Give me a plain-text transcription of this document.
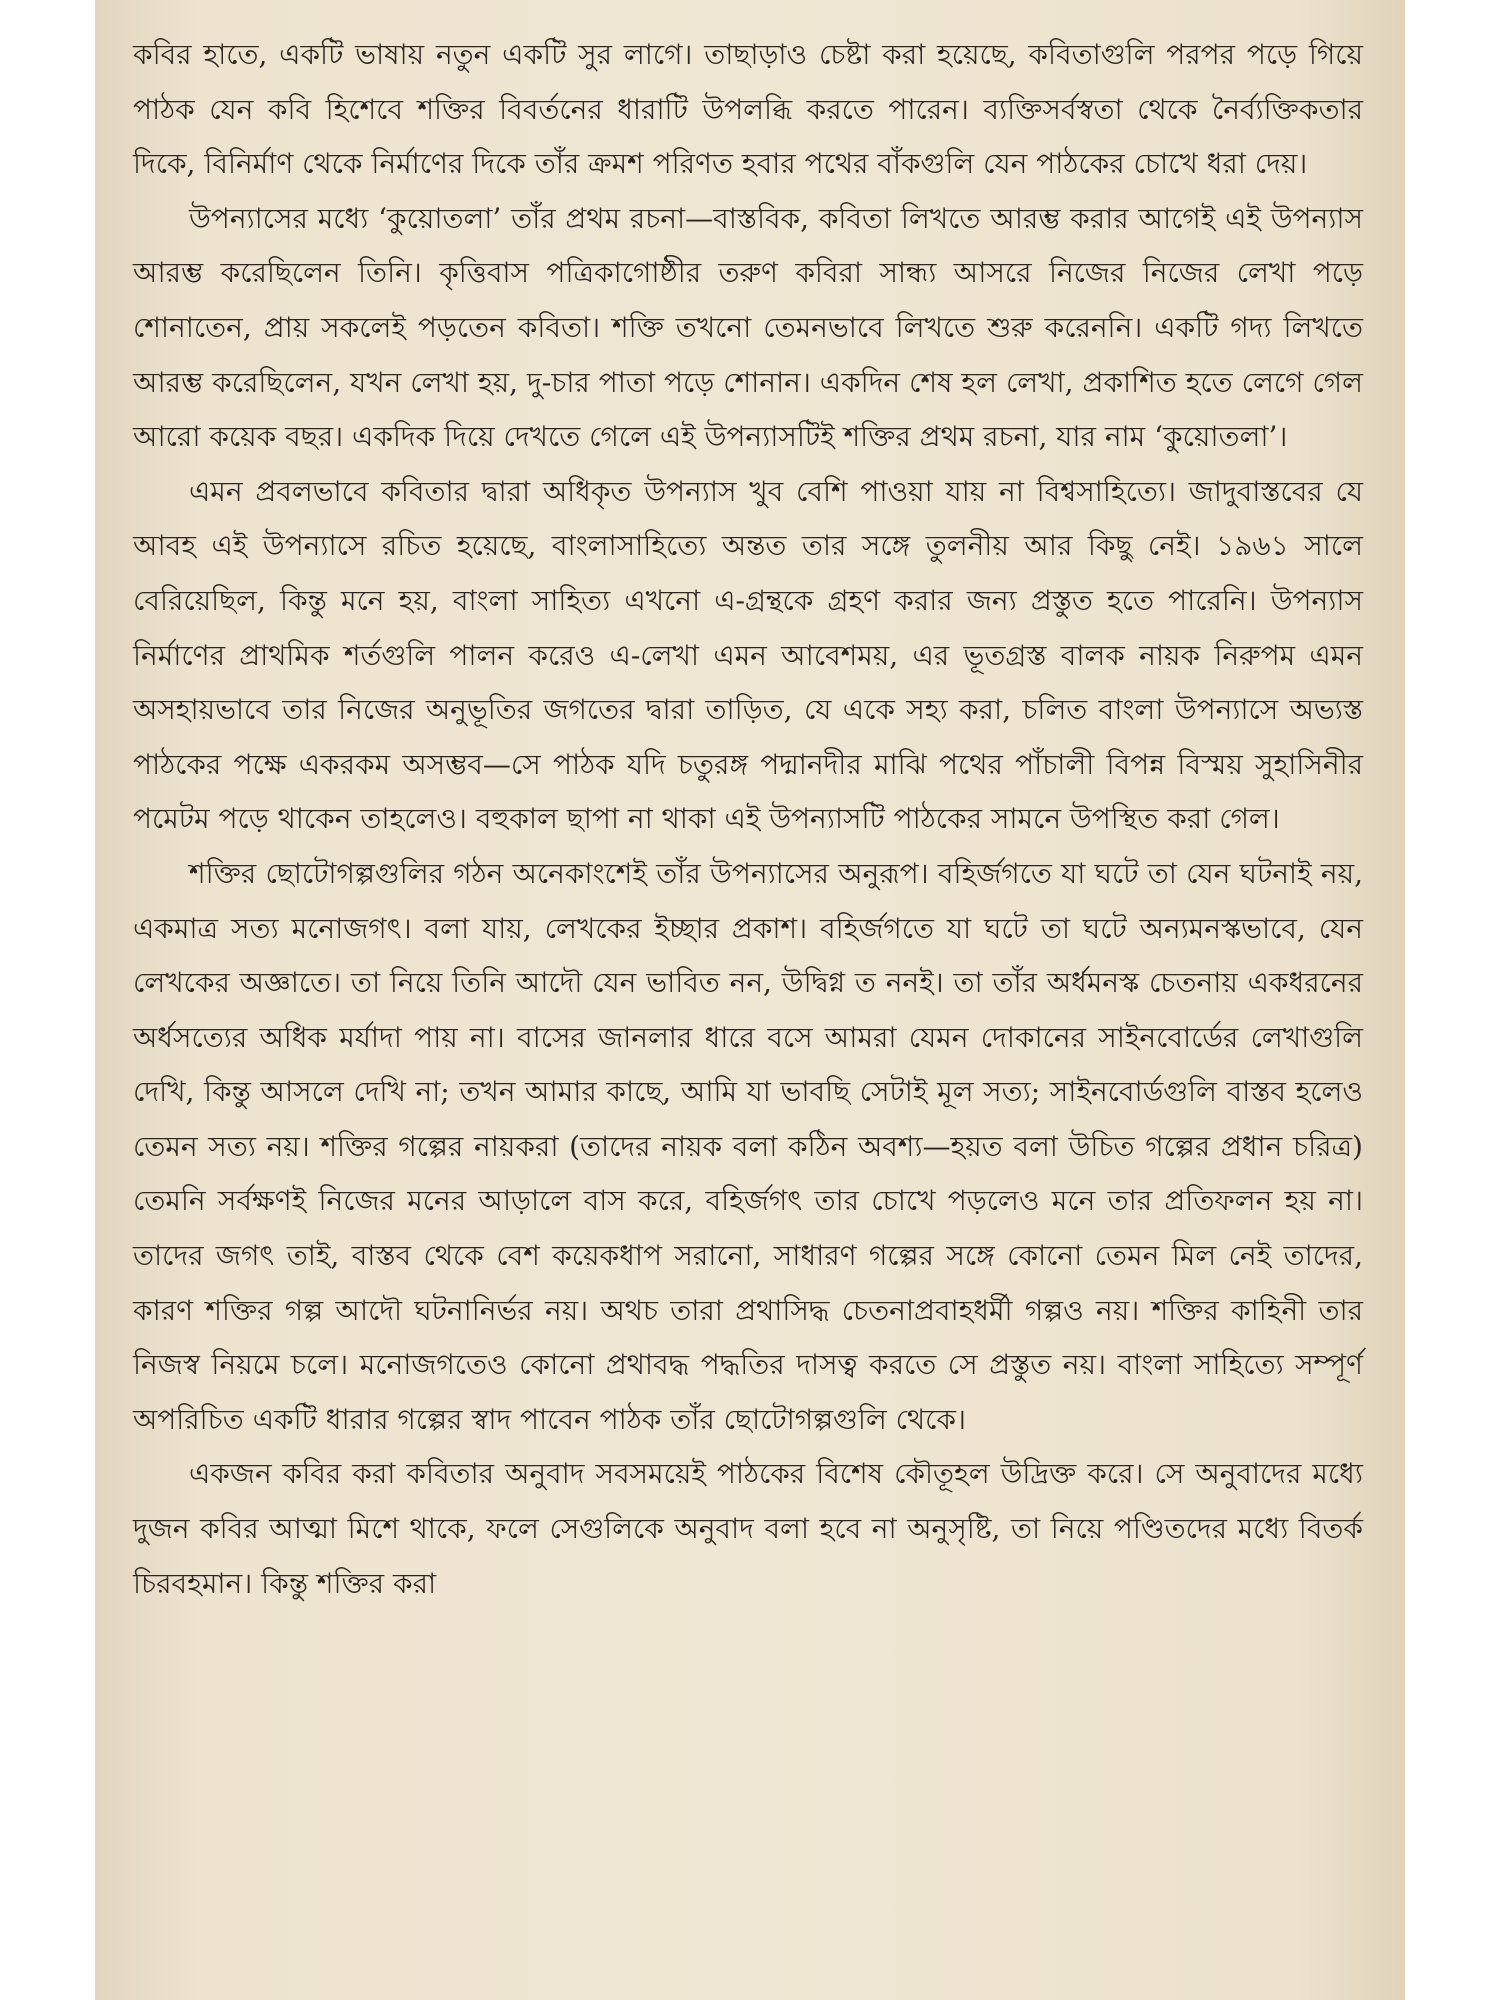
কবির হাতে, একটি ভাষায় নতুন একটি সুর লাগে। তাছাড়াও চেষ্টা করা হয়েছে, কবিতাগুলি পরপর পড়ে গিয়ে পাঠক যেন কবি হিশেবে শক্তির বিবর্তনের ধারাটি উপলব্ধি করতে পারেন। ব্যক্তিসর্বস্বতা থেকে নৈর্ব্যক্তিকতার দিকে, বিনির্মাণ থেকে নির্মাণের দিকে তাঁর ক্রমশ পরিণত হবার পথের বাঁকগুলি যেন পাঠকের চোখে ধরা দেয়।

উপন্যাসের মধ্যে ‘কুয়োতলা’ তাঁর প্রথম রচনা—বাস্তবিক, কবিতা লিখতে আরম্ভ করার আগেই এই উপন্যাস আরম্ভ করেছিলেন তিনি। কৃত্তিবাস পত্রিকাগোষ্ঠীর তরুণ কবিরা সান্ধ্য আসরে নিজের নিজের লেখা পড়ে শোনাতেন, প্রায় সকলেই পড়তেন কবিতা। শক্তি তখনো তেমনভাবে লিখতে শুরু করেননি। একটি গদ্য লিখতে আরম্ভ করেছিলেন, যখন লেখা হয়, দু-চার পাতা পড়ে শোনান। একদিন শেষ হল লেখা, প্রকাশিত হতে লেগে গেল আরো কয়েক বছর। একদিক দিয়ে দেখতে গেলে এই উপন্যাসটিই শক্তির প্রথম রচনা, যার নাম ‘কুয়োতলা’।

এমন প্রবলভাবে কবিতার দ্বারা অধিকৃত উপন্যাস খুব বেশি পাওয়া যায় না বিশ্বসাহিত্যে। জাদুবাস্তবের যে আবহ এই উপন্যাসে রচিত হয়েছে, বাংলাসাহিত্যে অন্তত তার সঙ্গে তুলনীয় আর কিছু নেই। ১৯৬১ সালে বেরিয়েছিল, কিন্তু মনে হয়, বাংলা সাহিত্য এখনো এ-গ্রন্থকে গ্রহণ করার জন্য প্রস্তুত হতে পারেনি। উপন্যাস নির্মাণের প্রাথমিক শর্তগুলি পালন করেও এ-লেখা এমন আবেশময়, এর ভূতগ্রস্ত বালক নায়ক নিরুপম এমন অসহায়ভাবে তার নিজের অনুভূতির জগতের দ্বারা তাড়িত, যে একে সহ্য করা, চলিত বাংলা উপন্যাসে অভ্যস্ত পাঠকের পক্ষে একরকম অসম্ভব—সে পাঠক যদি চতুরঙ্গ পদ্মানদীর মাঝি পথের পাঁচালী বিপন্ন বিস্ময় সুহাসিনীর পমেটম পড়ে থাকেন তাহলেও। বহুকাল ছাপা না থাকা এই উপন্যাসটি পাঠকের সামনে উপস্থিত করা গেল।

শক্তির ছোটোগল্পগুলির গঠন অনেকাংশেই তাঁর উপন্যাসের অনুরূপ। বহির্জগতে যা ঘটে তা যেন ঘটনাই নয়, একমাত্র সত্য মনোজগৎ। বলা যায়, লেখকের ইচ্ছার প্রকাশ। বহির্জগতে যা ঘটে তা ঘটে অন্যমনস্কভাবে, যেন লেখকের অজ্ঞাতে। তা নিয়ে তিনি আদৌ যেন ভাবিত নন, উদ্বিগ্ন ত ননই। তা তাঁর অর্ধমনস্ক চেতনায় একধরনের অর্ধসত্যের অধিক মর্যাদা পায় না। বাসের জানলার ধারে বসে আমরা যেমন দোকানের সাইনবোর্ডের লেখাগুলি দেখি, কিন্তু আসলে দেখি না; তখন আমার কাছে, আমি যা ভাবছি সেটাই মূল সত্য; সাইনবোর্ডগুলি বাস্তব হলেও তেমন সত্য নয়। শক্তির গল্পের নায়করা (তাদের নায়ক বলা কঠিন অবশ্য—হয়ত বলা উচিত গল্পের প্রধান চরিত্র) তেমনি সর্বক্ষণই নিজের মনের আড়ালে বাস করে, বহির্জগৎ তার চোখে পড়লেও মনে তার প্রতিফলন হয় না। তাদের জগৎ তাই, বাস্তব থেকে বেশ কয়েকধাপ সরানো, সাধারণ গল্পের সঙ্গে কোনো তেমন মিল নেই তাদের, কারণ শক্তির গল্প আদৌ ঘটনানির্ভর নয়। অথচ তারা প্রথাসিদ্ধ চেতনাপ্রবাহধর্মী গল্পও নয়। শক্তির কাহিনী তার নিজস্ব নিয়মে চলে। মনোজগতেও কোনো প্রথাবদ্ধ পদ্ধতির দাসত্ব করতে সে প্রস্তুত নয়। বাংলা সাহিত্যে সম্পূর্ণ অপরিচিত একটি ধারার গল্পের স্বাদ পাবেন পাঠক তাঁর ছোটোগল্পগুলি থেকে।

একজন কবির করা কবিতার অনুবাদ সবসময়েই পাঠকের বিশেষ কৌতূহল উদ্রিক্ত করে। সে অনুবাদের মধ্যে দুজন কবির আত্মা মিশে থাকে, ফলে সেগুলিকে অনুবাদ বলা হবে না অনুসৃষ্টি, তা নিয়ে পণ্ডিতদের মধ্যে বিতর্ক চিরবহমান। কিন্তু শক্তির করা
